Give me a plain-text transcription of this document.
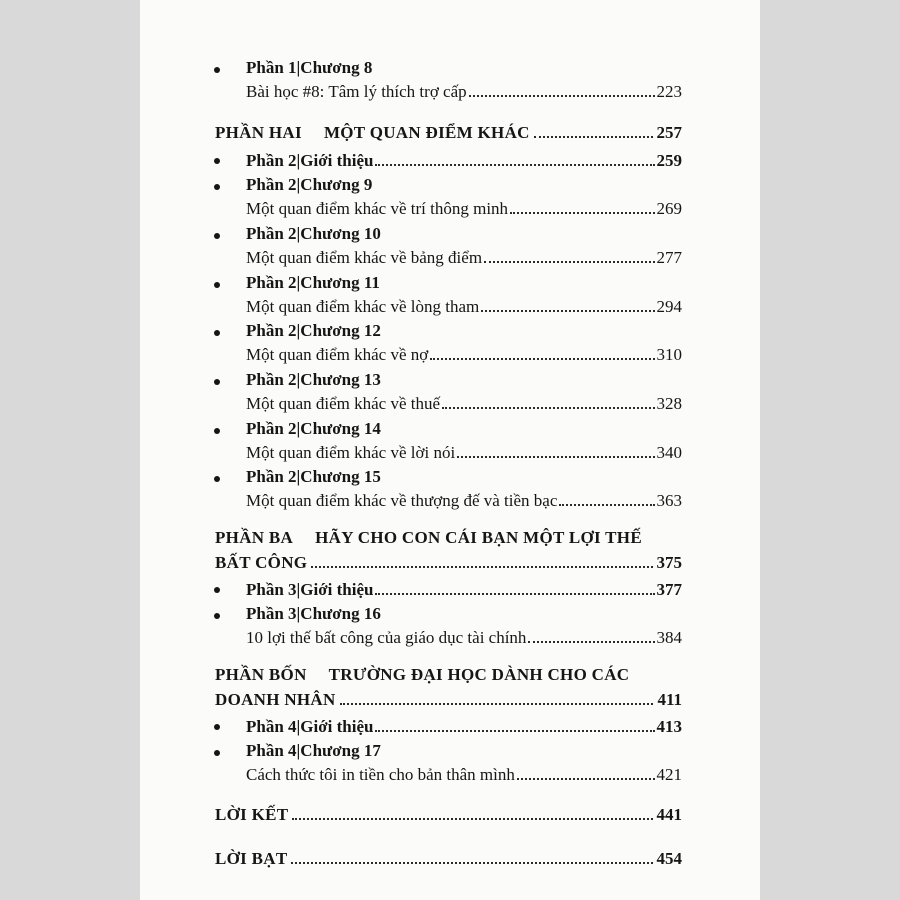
Phần 1|Chương 8
Bài học #8: Tâm lý thích trợ cấp	223
PHẦN HAI MỘT QUAN ĐIỂM KHÁC	257
Phần 2|Giới thiệu	259
Phần 2|Chương 9
Một quan điểm khác về trí thông minh	269
Phần 2|Chương 10
Một quan điểm khác về bảng điểm	277
Phần 2|Chương 11
Một quan điểm khác về lòng tham	294
Phần 2|Chương 12
Một quan điểm khác về nợ	310
Phần 2|Chương 13
Một quan điểm khác về thuế	328
Phần 2|Chương 14
Một quan điểm khác về lời nói	340
Phần 2|Chương 15
Một quan điểm khác về thượng đế và tiền bạc	363
PHẦN BA HÃY CHO CON CÁI BẠN MỘT LỢI THẾ
BẤT CÔNG	375
Phần 3|Giới thiệu	377
Phần 3|Chương 16
10 lợi thế bất công của giáo dục tài chính	384
PHẦN BỐN TRƯỜNG ĐẠI HỌC DÀNH CHO CÁC
DOANH NHÂN	411
Phần 4|Giới thiệu	413
Phần 4|Chương 17
Cách thức tôi in tiền cho bản thân mình	421
LỜI KẾT	441
LỜI BẠT	454
